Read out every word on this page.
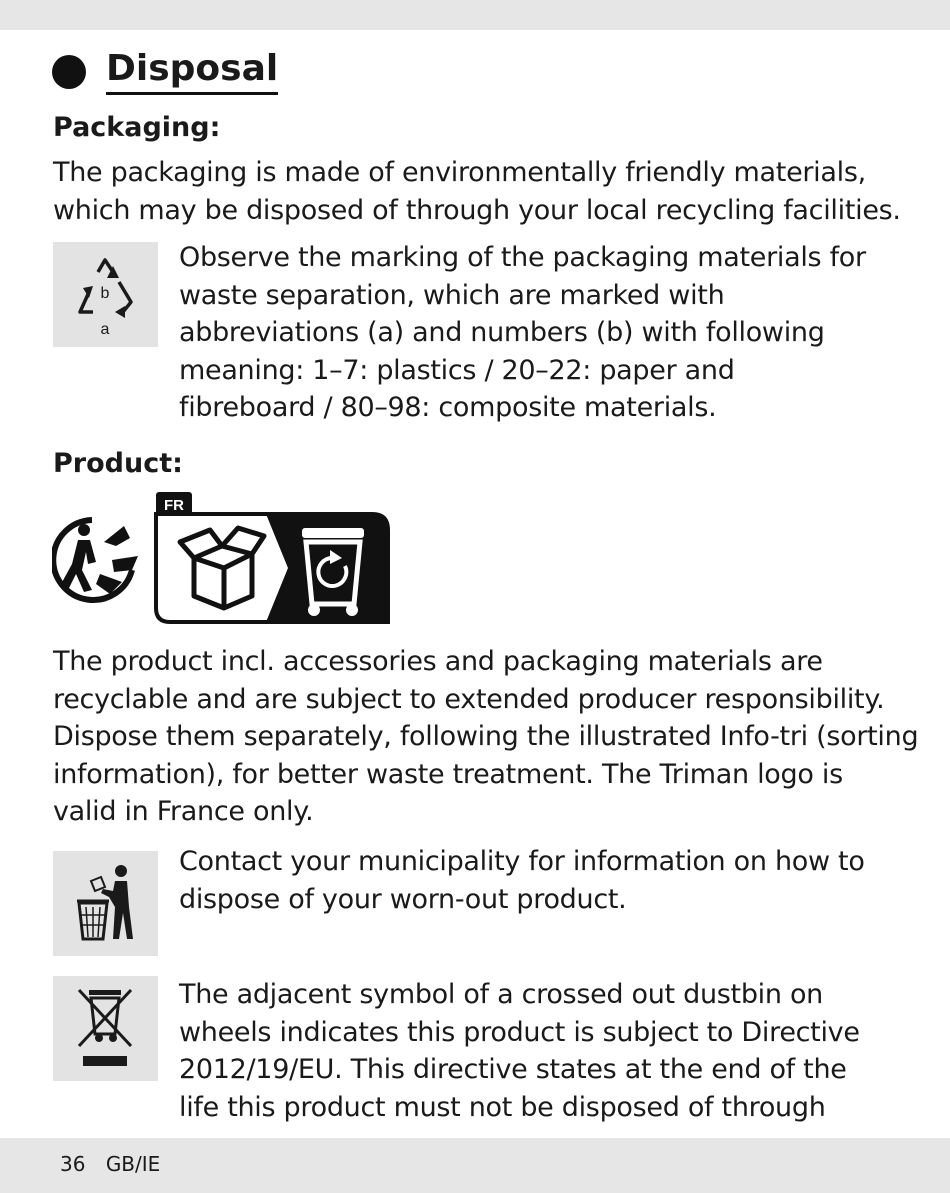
Disposal
Packaging:
The packaging is made of environmentally friendly materials,
which may be disposed of through your local recycling facilities.
b
a
Observe the marking of the packaging materials for
waste separation, which are marked with
abbreviations (a) and numbers (b) with following
meaning: 1–7: plastics / 20–22: paper and
fibreboard / 80–98: composite materials.
Product:
FR
The product incl. accessories and packaging materials are
recyclable and are subject to extended producer responsibility.
Dispose them separately, following the illustrated Info-tri (sorting
information), for better waste treatment. The Triman logo is
valid in France only.
Contact your municipality for information on how to
dispose of your worn-out product.
The adjacent symbol of a crossed out dustbin on
wheels indicates this product is subject to Directive
2012/19/EU. This directive states at the end of the
life this product must not be disposed of through
36 GB/IE
